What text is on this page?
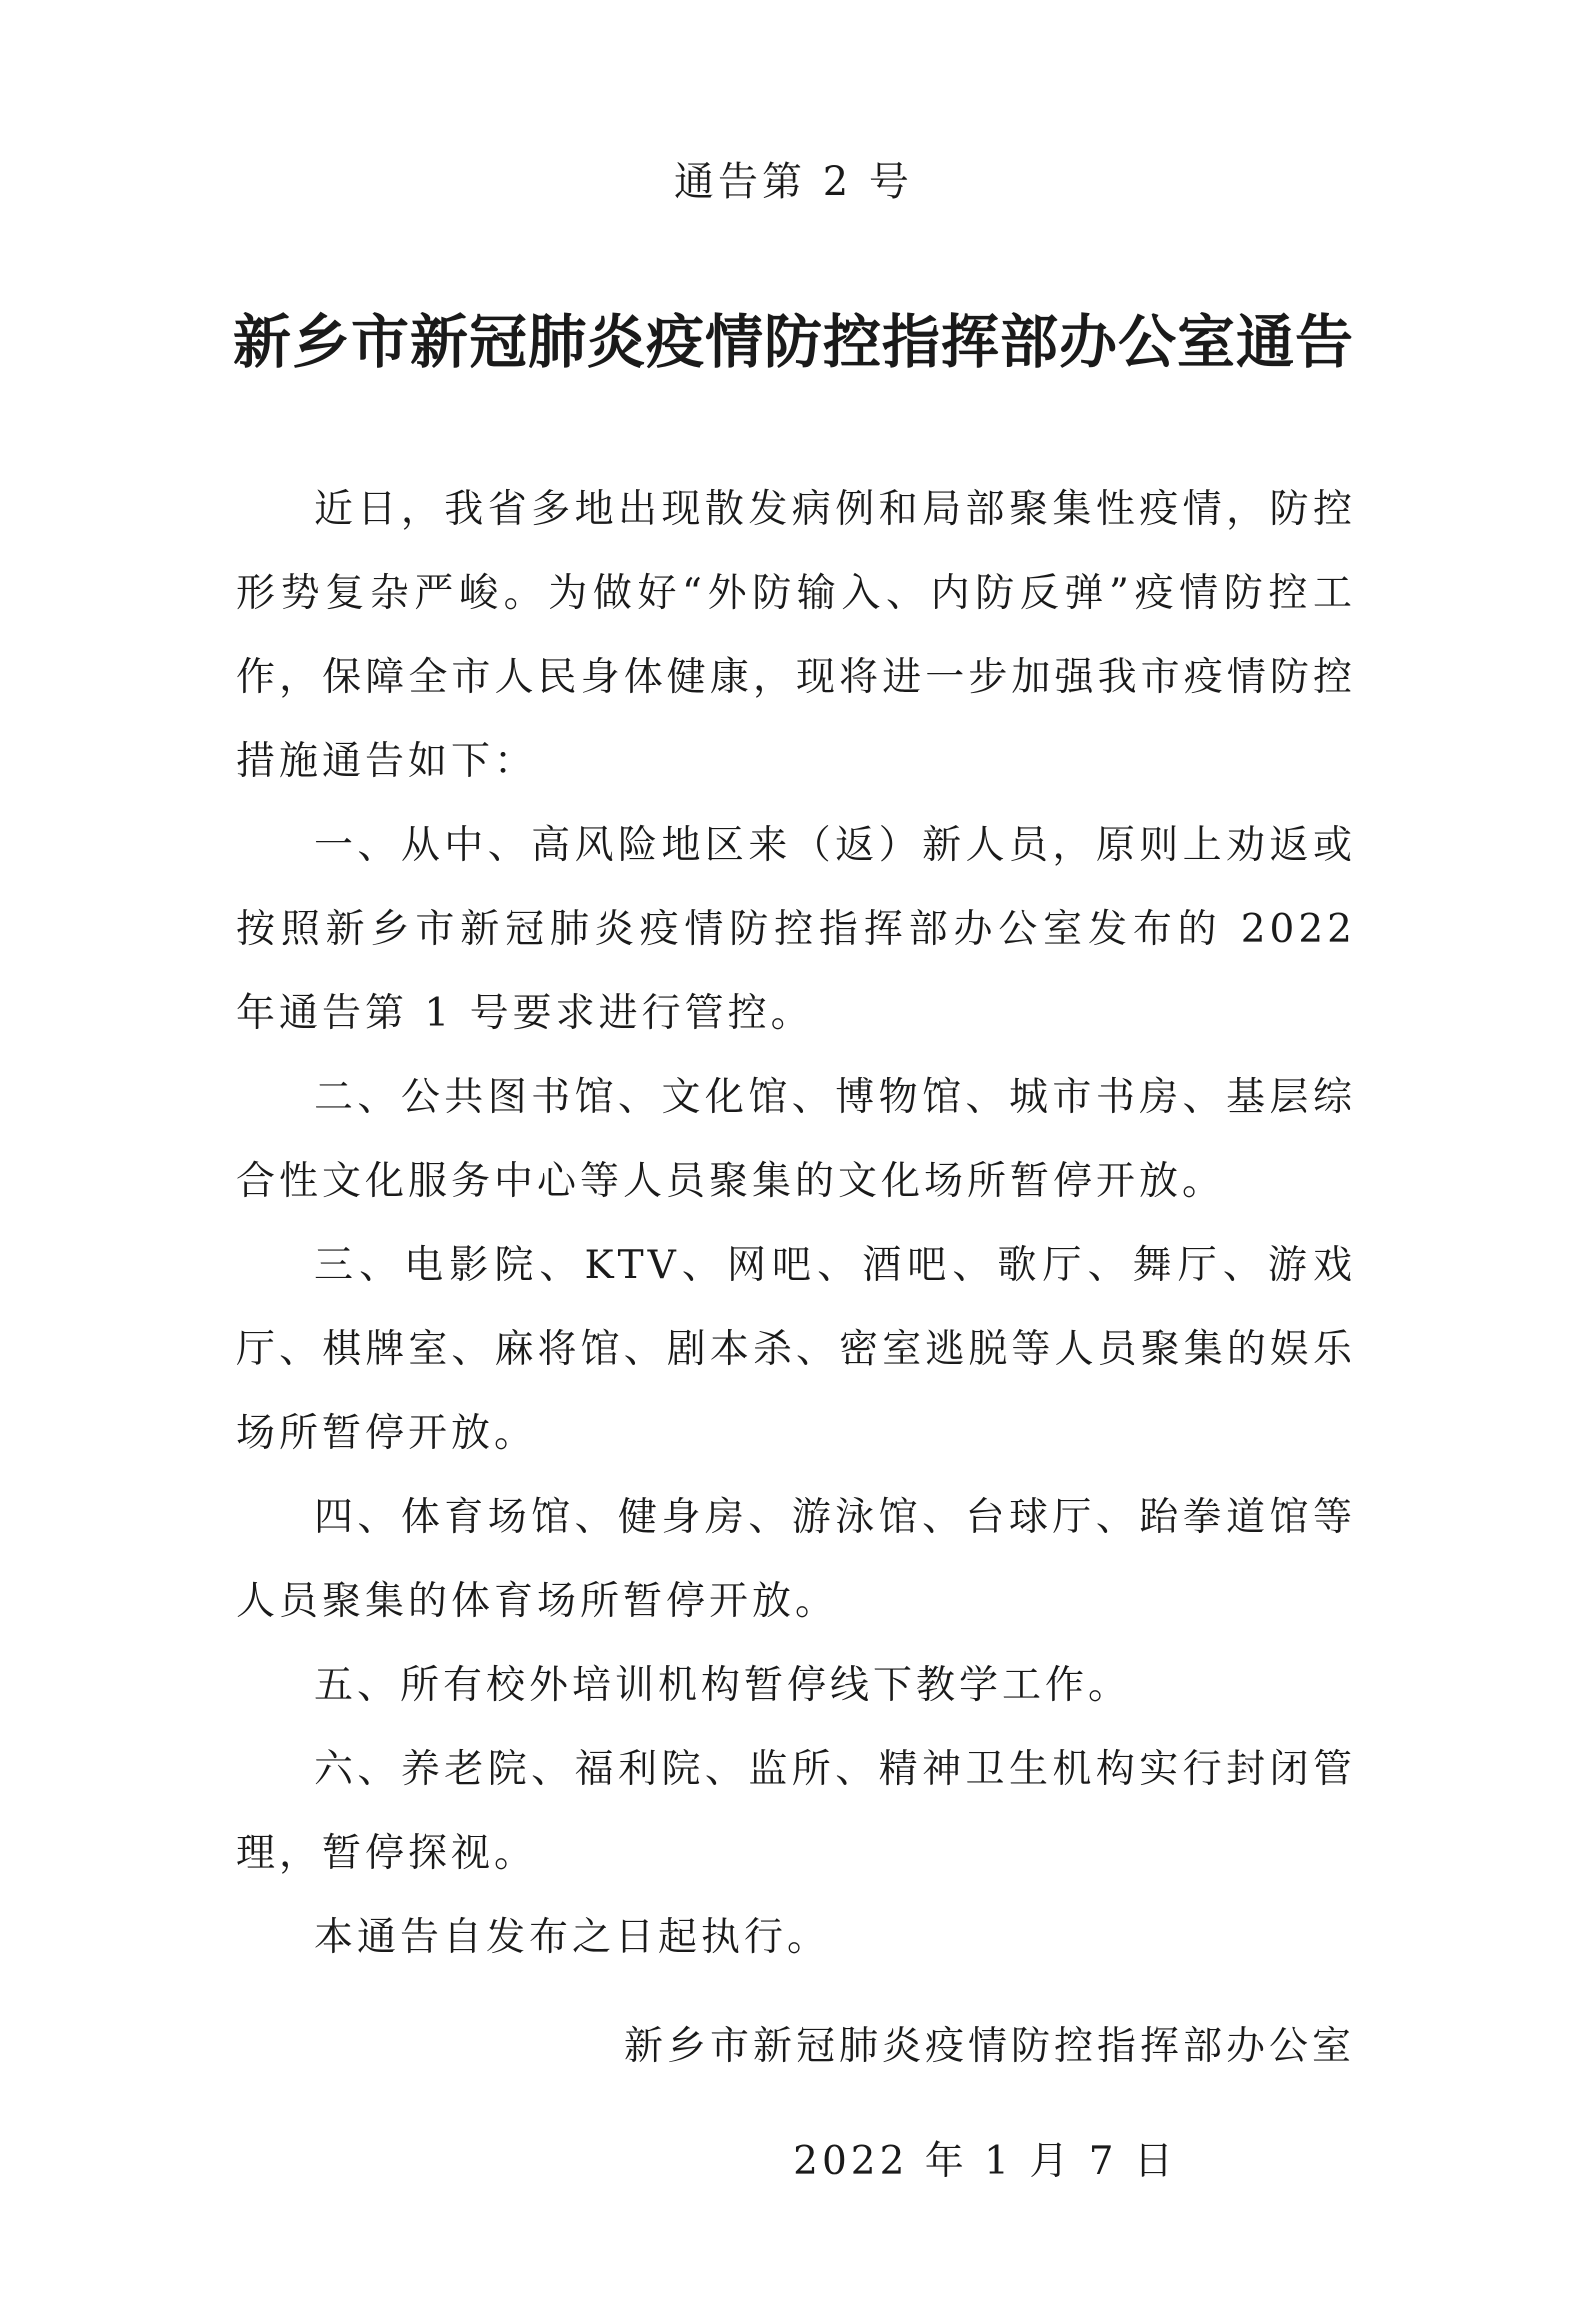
通告第 2 号
新乡市新冠肺炎疫情防控指挥部办公室通告

近日，我省多地出现散发病例和局部聚集性疫情，防控形势复杂严峻。为做好“外防输入、内防反弹”疫情防控工作，保障全市人民身体健康，现将进一步加强我市疫情防控措施通告如下：

一、从中、高风险地区来（返）新人员，原则上劝返或按照新乡市新冠肺炎疫情防控指挥部办公室发布的 2022 年通告第 1 号要求进行管控。

二、公共图书馆、文化馆、博物馆、城市书房、基层综合性文化服务中心等人员聚集的文化场所暂停开放。

三、电影院、KTV、网吧、酒吧、歌厅、舞厅、游戏厅、棋牌室、麻将馆、剧本杀、密室逃脱等人员聚集的娱乐场所暂停开放。

四、体育场馆、健身房、游泳馆、台球厅、跆拳道馆等人员聚集的体育场所暂停开放。

五、所有校外培训机构暂停线下教学工作。

六、养老院、福利院、监所、精神卫生机构实行封闭管理，暂停探视。

本通告自发布之日起执行。

新乡市新冠肺炎疫情防控指挥部办公室
2022 年 1 月 7 日
